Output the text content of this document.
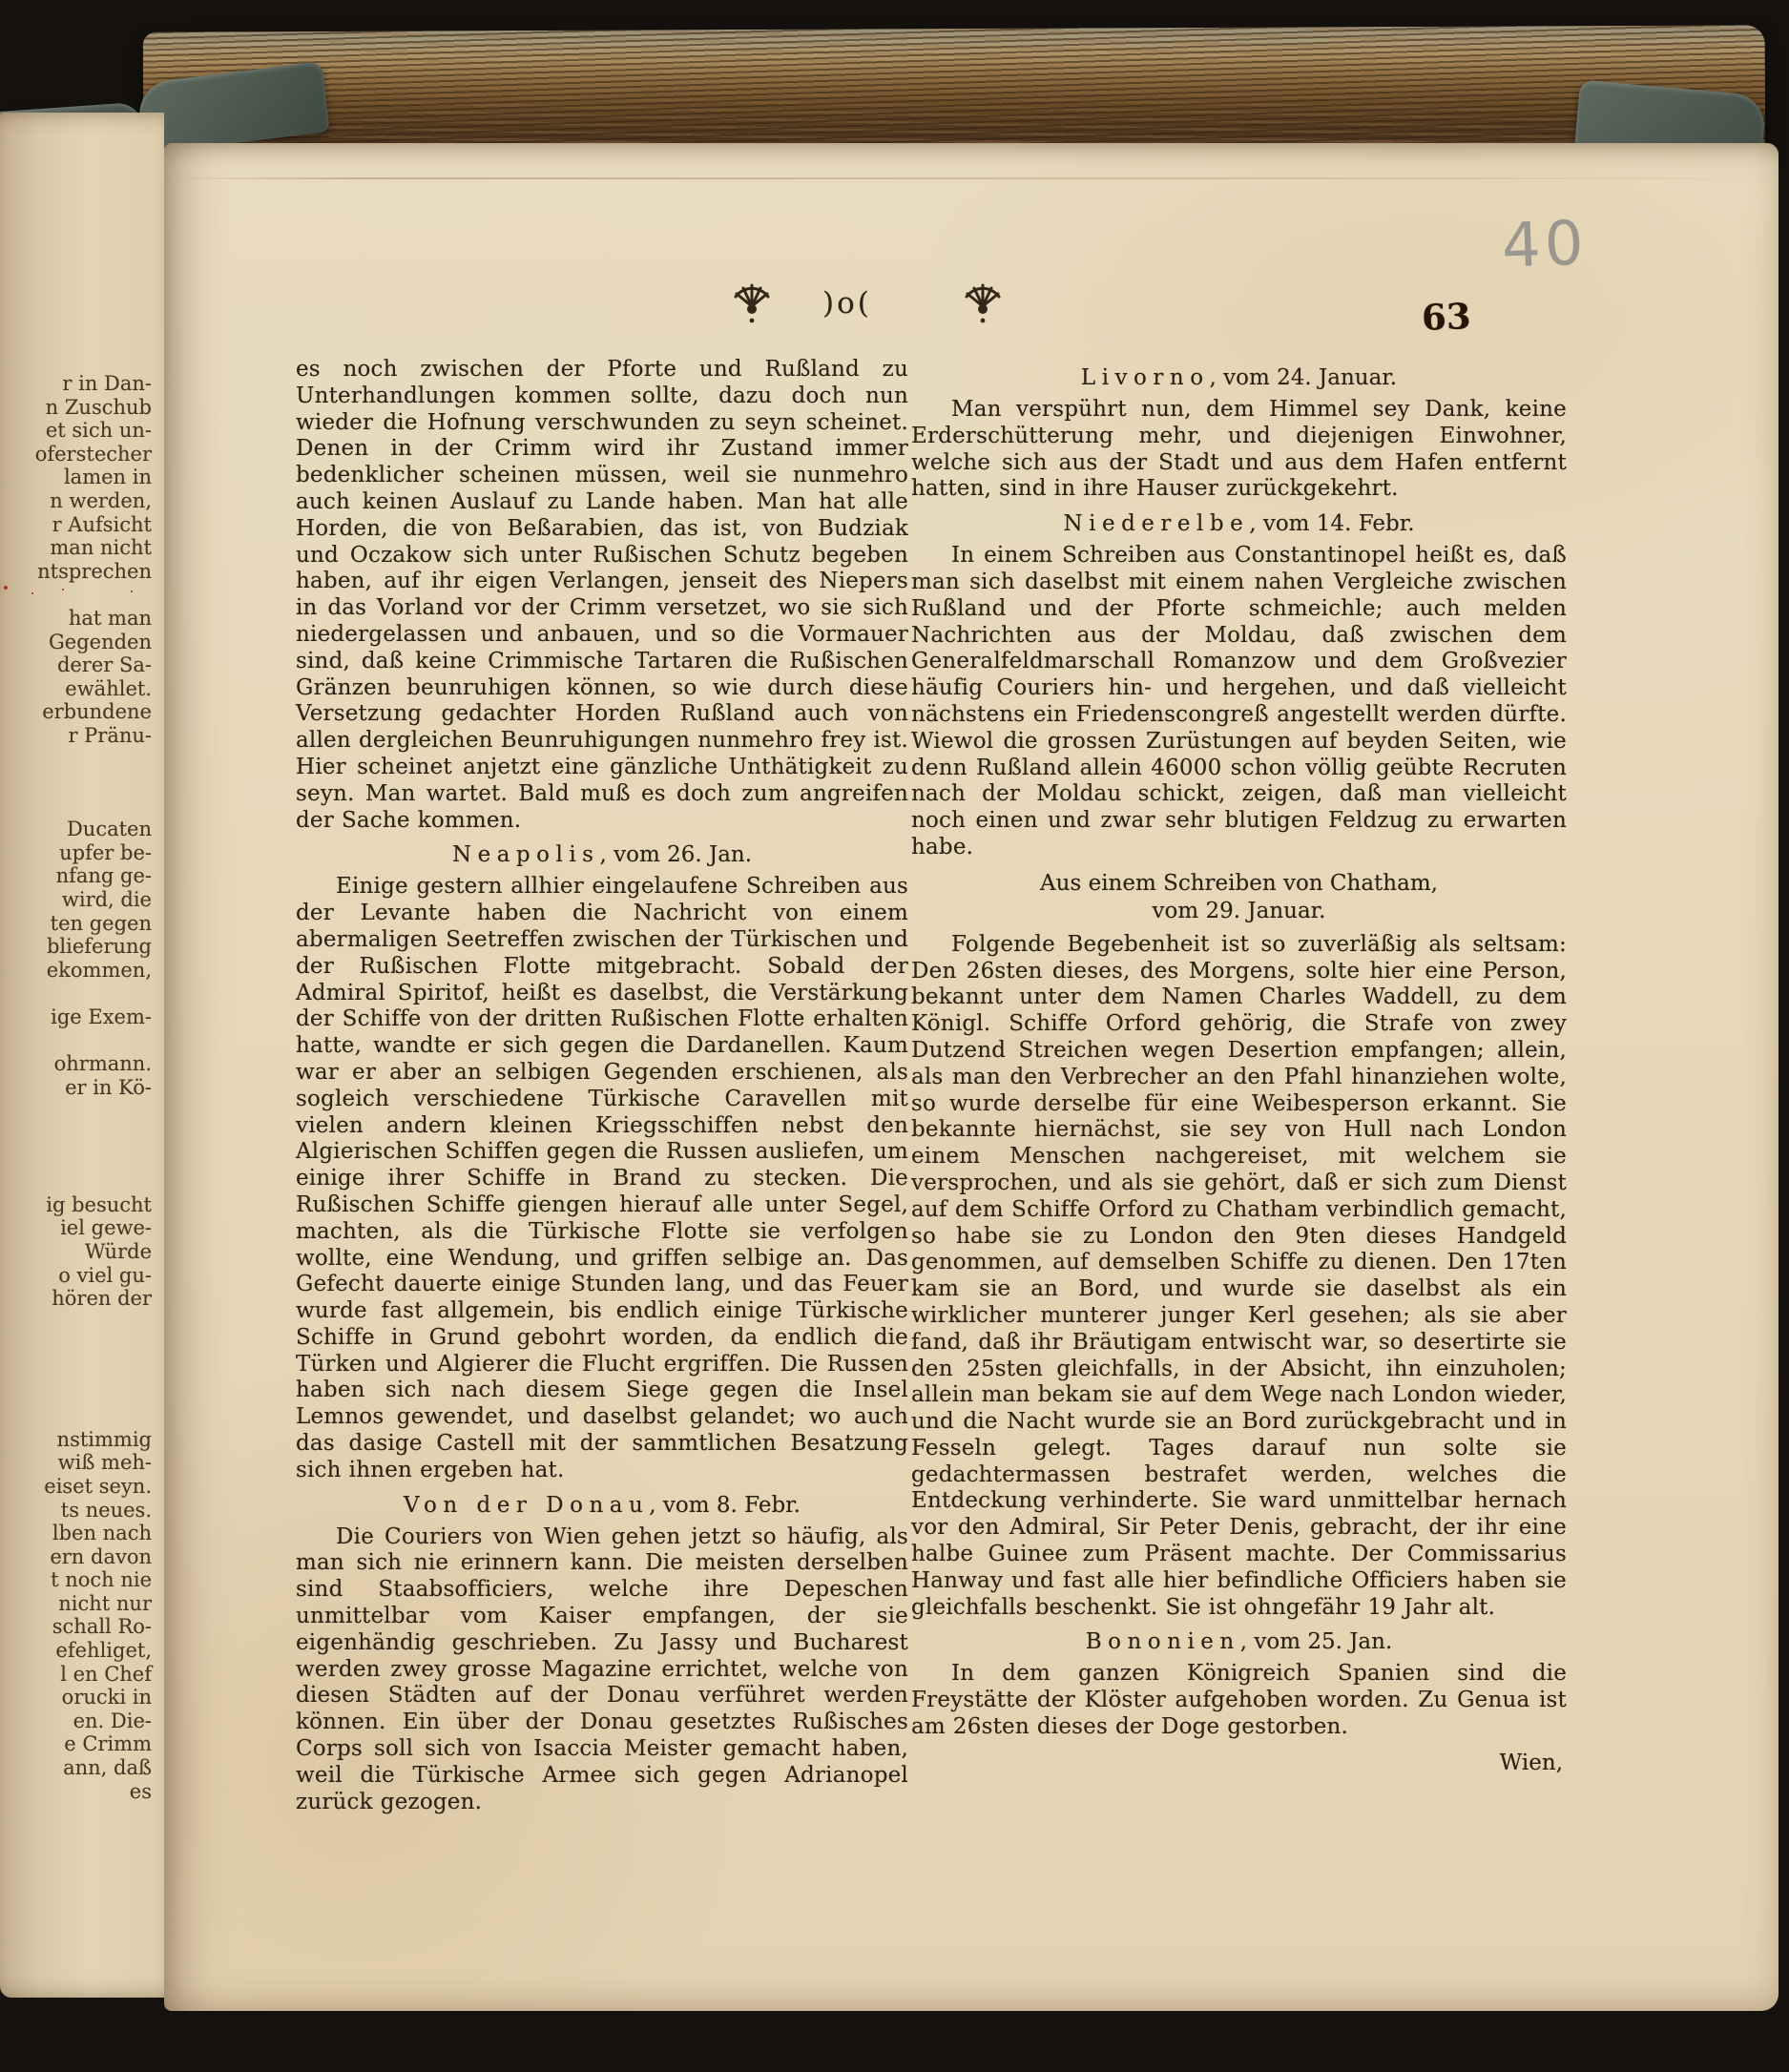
r in Dan-
n Zuschub
et sich un-
oferstecher
lamen in
n werden,
r Aufsicht
man nicht
ntsprechen
hat man
Gegenden
derer Sa-
ewählet.
erbundene
r Pränu-
Ducaten
upfer be-
nfang ge-
wird, die
ten gegen
blieferung
ekommen,
ige Exem-
ohrmann.
er in Kö-
ig besucht
iel gewe-
Würde
o viel gu-
hören der
nstimmig
wiß meh-
eiset seyn.
ts neues.
lben nach
ern davon
t noch nie
nicht nur
schall Ro-
efehliget,
l en Chef
orucki in
en. Die-
e Crimm
ann, daß
es
)o(	63
40

es noch zwischen der Pforte und Rußland zu Unterhandlungen kommen sollte, dazu doch nun wieder die Hofnung verschwunden zu seyn scheinet. Denen in der Crimm wird ihr Zustand immer bedenklicher scheinen müssen, weil sie nunmehro auch keinen Auslauf zu Lande haben. Man hat alle Horden, die von Beßarabien, das ist, von Budziak und Oczakow sich unter Rußischen Schutz begeben haben, auf ihr eigen Verlangen, jenseit des Niepers in das Vorland vor der Crimm versetzet, wo sie sich niedergelassen und anbauen, und so die Vormauer sind, daß keine Crimmische Tartaren die Rußischen Gränzen beunruhigen können, so wie durch diese Versetzung gedachter Horden Rußland auch von allen dergleichen Beunruhigungen nunmehro frey ist. Hier scheinet anjetzt eine gänzliche Unthätigkeit zu seyn. Man wartet. Bald muß es doch zum angreifen der Sache kommen.

Neapolis, vom 26. Jan.

Einige gestern allhier eingelaufene Schreiben aus der Levante haben die Nachricht von einem abermaligen Seetreffen zwischen der Türkischen und der Rußischen Flotte mitgebracht. Sobald der Admiral Spiritof, heißt es daselbst, die Verstärkung der Schiffe von der dritten Rußischen Flotte erhalten hatte, wandte er sich gegen die Dardanellen. Kaum war er aber an selbigen Gegenden erschienen, als sogleich verschiedene Türkische Caravellen mit vielen andern kleinen Kriegsschiffen nebst den Algierischen Schiffen gegen die Russen ausliefen, um einige ihrer Schiffe in Brand zu stecken. Die Rußischen Schiffe giengen hierauf alle unter Segel, machten, als die Türkische Flotte sie verfolgen wollte, eine Wendung, und griffen selbige an. Das Gefecht dauerte einige Stunden lang, und das Feuer wurde fast allgemein, bis endlich einige Türkische Schiffe in Grund gebohrt worden, da endlich die Türken und Algierer die Flucht ergriffen. Die Russen haben sich nach diesem Siege gegen die Insel Lemnos gewendet, und daselbst gelandet; wo auch das dasige Castell mit der sammtlichen Besatzung sich ihnen ergeben hat.

Von der Donau, vom 8. Febr.

Die Couriers von Wien gehen jetzt so häufig, als man sich nie erinnern kann. Die meisten derselben sind Staabsofficiers, welche ihre Depeschen unmittelbar vom Kaiser empfangen, der sie eigenhändig geschrieben. Zu Jassy und Bucharest werden zwey grosse Magazine errichtet, welche von diesen Städten auf der Donau verführet werden können. Ein über der Donau gesetztes Rußisches Corps soll sich von Isaccia Meister gemacht haben, weil die Türkische Armee sich gegen Adrianopel zurück gezogen.

Livorno, vom 24. Januar.

Man verspührt nun, dem Himmel sey Dank, keine Erderschütterung mehr, und diejenigen Einwohner, welche sich aus der Stadt und aus dem Hafen entfernt hatten, sind in ihre Hauser zurückgekehrt.

Niederelbe, vom 14. Febr.

In einem Schreiben aus Constantinopel heißt es, daß man sich daselbst mit einem nahen Vergleiche zwischen Rußland und der Pforte schmeichle; auch melden Nachrichten aus der Moldau, daß zwischen dem Generalfeldmarschall Romanzow und dem Großvezier häufig Couriers hin- und hergehen, und daß vielleicht nächstens ein Friedenscongreß angestellt werden dürfte. Wiewol die grossen Zurüstungen auf beyden Seiten, wie denn Rußland allein 46000 schon völlig geübte Recruten nach der Moldau schickt, zeigen, daß man vielleicht noch einen und zwar sehr blutigen Feldzug zu erwarten habe.

Aus einem Schreiben von Chatham,
vom 29. Januar.

Folgende Begebenheit ist so zuverläßig als seltsam: Den 26sten dieses, des Morgens, solte hier eine Person, bekannt unter dem Namen Charles Waddell, zu dem Königl. Schiffe Orford gehörig, die Strafe von zwey Dutzend Streichen wegen Desertion empfangen; allein, als man den Verbrecher an den Pfahl hinanziehen wolte, so wurde derselbe für eine Weibesperson erkannt. Sie bekannte hiernächst, sie sey von Hull nach London einem Menschen nachgereiset, mit welchem sie versprochen, und als sie gehört, daß er sich zum Dienst auf dem Schiffe Orford zu Chatham verbindlich gemacht, so habe sie zu London den 9ten dieses Handgeld genommen, auf demselben Schiffe zu dienen. Den 17ten kam sie an Bord, und wurde sie daselbst als ein wirklicher munterer junger Kerl gesehen; als sie aber fand, daß ihr Bräutigam entwischt war, so desertirte sie den 25sten gleichfalls, in der Absicht, ihn einzuholen; allein man bekam sie auf dem Wege nach London wieder, und die Nacht wurde sie an Bord zurückgebracht und in Fesseln gelegt. Tages darauf nun solte sie gedachtermassen bestrafet werden, welches die Entdeckung verhinderte. Sie ward unmittelbar hernach vor den Admiral, Sir Peter Denis, gebracht, der ihr eine halbe Guinee zum Präsent machte. Der Commissarius Hanway und fast alle hier befindliche Officiers haben sie gleichfalls beschenkt. Sie ist ohngefähr 19 Jahr alt.

Bononien, vom 25. Jan.

In dem ganzen Königreich Spanien sind die Freystätte der Klöster aufgehoben worden. Zu Genua ist am 26sten dieses der Doge gestorben.

Wien,
